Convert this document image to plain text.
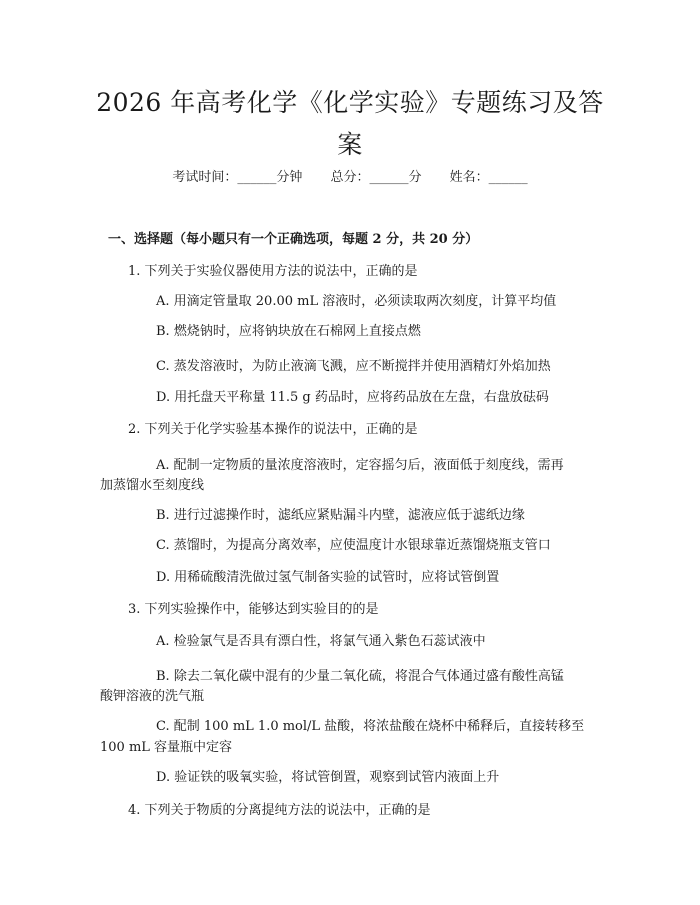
2026 年高考化学《化学实验》专题练习及答案
考试时间：______分钟 总分：______分 姓名：______
一、选择题（每小题只有一个正确选项，每题 2 分，共 20 分）
1. 下列关于实验仪器使用方法的说法中，正确的是
A. 用滴定管量取 20.00 mL 溶液时，必须读取两次刻度，计算平均值
B. 燃烧钠时，应将钠块放在石棉网上直接点燃
C. 蒸发溶液时，为防止液滴飞溅，应不断搅拌并使用酒精灯外焰加热
D. 用托盘天平称量 11.5 g 药品时，应将药品放在左盘，右盘放砝码
2. 下列关于化学实验基本操作的说法中，正确的是
A. 配制一定物质的量浓度溶液时，定容摇匀后，液面低于刻度线，需再
加蒸馏水至刻度线
B. 进行过滤操作时，滤纸应紧贴漏斗内壁，滤液应低于滤纸边缘
C. 蒸馏时，为提高分离效率，应使温度计水银球靠近蒸馏烧瓶支管口
D. 用稀硫酸清洗做过氢气制备实验的试管时，应将试管倒置
3. 下列实验操作中，能够达到实验目的的是
A. 检验氯气是否具有漂白性，将氯气通入紫色石蕊试液中
B. 除去二氧化碳中混有的少量二氧化硫，将混合气体通过盛有酸性高锰
酸钾溶液的洗气瓶
C. 配制 100 mL 1.0 mol/L 盐酸，将浓盐酸在烧杯中稀释后，直接转移至
100 mL 容量瓶中定容
D. 验证铁的吸氧实验，将试管倒置，观察到试管内液面上升
4. 下列关于物质的分离提纯方法的说法中，正确的是
